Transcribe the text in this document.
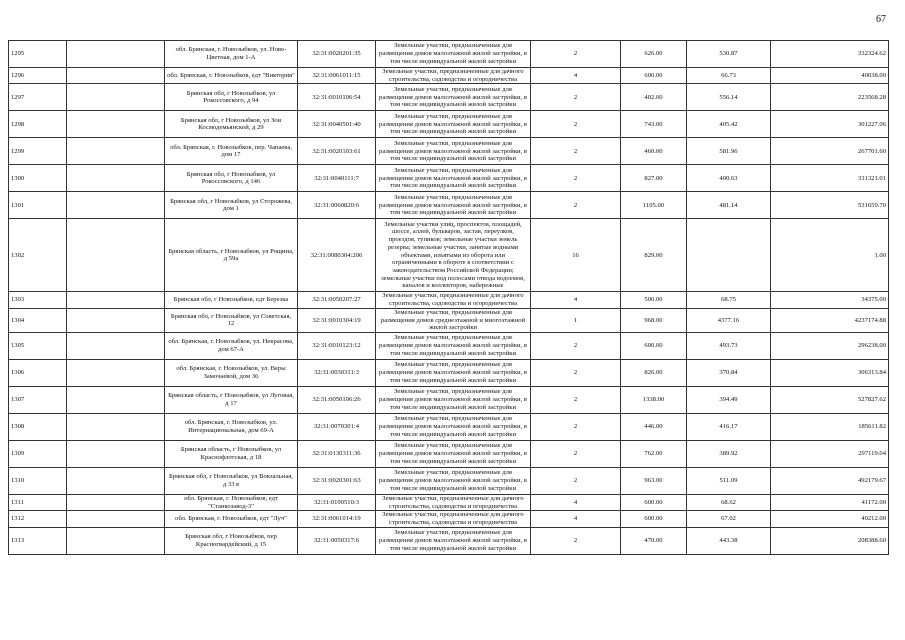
67
1295		обл. Брянская, г. Новозыбков, ул. Ново-Цветная, дом 1-А	32:31:0020201:35	Земельные участки, предназначенные для размещения домов малоэтажной жилой застройки, в том числе индивидуальной жилой застройки	2	626.00	530.87	332324.62
1296		обл. Брянская, г. Новозыбков, едт "Виктория"	32:31:0061011:15	Земельные участки, предназначенные для дачного строительства, садоводства и огородничества	4	600.00	66.73	40038.00
1297		Брянская обл, г Новозыбков, ул Рокоссовского, д 94	32:31:0010106:54	Земельные участки, предназначенные для размещения домов малоэтажной жилой застройки, в том числе индивидуальной жилой застройки	2	402.00	556.14	223568.28
1298		Брянская обл, г Новозыбков, ул Зои Космодемьянской, д 29	32:31:0040501:40	Земельные участки, предназначенные для размещения домов малоэтажной жилой застройки, в том числе индивидуальной жилой застройки	2	743.00	405.42	301227.06
1299		обл. Брянская, г. Новозыбков, пер. Чапаева, дом 17	32:31:0020103:61	Земельные участки, предназначенные для размещения домов малоэтажной жилой застройки, в том числе индивидуальной жилой застройки	2	460.00	581.96	267701.60
1300		Брянская обл, г Новозыбков, ул Рокоссовского, д 146	32:31:0040111:7	Земельные участки, предназначенные для размещения домов малоэтажной жилой застройки, в том числе индивидуальной жилой застройки	2	827.00	400.63	331321.01
1301		Брянская обл, г Новозыбков, ул Сторожева, дом 1	32:31:0060820:6	Земельные участки, предназначенные для размещения домов малоэтажной жилой застройки, в том числе индивидуальной жилой застройки	2	1105.00	481.14	531659.70
1302		Брянская область, г Новозыбков, ул Рощина, д 59а	32:31:0080304:206	Земельные участки улиц, проспектов, площадей, шоссе, аллей, бульваров, застав, переулков, проездов, тупиков; земельные участки земель резерва; земельные участки, занятые водными объектами, изъятыми из оборота или ограниченными в обороте в соответствии с законодательством Российской Федерации; земельные участки под полосами отвода водоемов, каналов и коллекторов, набережные	16	829.00		1.00
1303		Брянская обл, г Новозыбков, едт Березка	32:31:0050207:27	Земельные участки, предназначенные для дачного строительства, садоводства и огородничества	4	500.00	68.75	34375.00
1304		Брянская обл, г Новозыбков, ул Советская, 12	32:31:0010304:19	Земельные участки, предназначенные для размещения домов среднеэтажной и многоэтажной жилой застройки	1	968.00	4377.16	4237174.88
1305		обл. Брянская, г. Новозыбков, ул. Некрасова, дом 67-А	32:31:0010123:12	Земельные участки, предназначенные для размещения домов малоэтажной жилой застройки, в том числе индивидуальной жилой застройки	2	600.00	493.73	296238.00
1306		обл. Брянская, г. Новозыбков, ул. Веры Замочаевой, дом 36	32:31:0030311:3	Земельные участки, предназначенные для размещения домов малоэтажной жилой застройки, в том числе индивидуальной жилой застройки	2	826.00	370.84	306313.84
1307		Брянская область, г Новозыбков, ул Луговая, д 17	32:31:0050106:26	Земельные участки, предназначенные для размещения домов малоэтажной жилой застройки, в том числе индивидуальной жилой застройки	2	1338.00	394.49	527827.62
1308		обл. Брянская, г. Новозыбков, ул. Интернациональная, дом 69-А	32:31:0070301:4	Земельные участки, предназначенные для размещения домов малоэтажной жилой застройки, в том числе индивидуальной жилой застройки	2	446.00	416.17	185611.82
1309		Брянская область, г Новозыбков, ул Краснофлотская, д 18	32:31:0130311:36	Земельные участки, предназначенные для размещения домов малоэтажной жилой застройки, в том числе индивидуальной жилой застройки	2	762.00	389.92	297119.04
1310		Брянская обл, г Новозыбков, ул Вокзальная, д 33 в	32:31:0020301:63	Земельные участки, предназначенные для размещения домов малоэтажной жилой застройки, в том числе индивидуальной жилой застройки	2	963.00	511.09	492179.67
1311		обл. Брянская, г. Новозыбков, едт "Станкозавод-3"	32:31:0190510:3	Земельные участки, предназначенные для дачного строительства, садоводства и огородничества	4	600.00	68.62	41172.00
1312		обл. Брянская, г. Новозыбков, едт "Луч"	32:31:0061014:19	Земельные участки, предназначенные для дачного строительства, садоводства и огородничества	4	600.00	67.02	40212.00
1313		Брянская обл, г Новозыбков, пер Красногвардейский, д 15	32:31:0050317:6	Земельные участки, предназначенные для размещения домов малоэтажной жилой застройки, в том числе индивидуальной жилой застройки	2	470.00	443.38	208388.60
